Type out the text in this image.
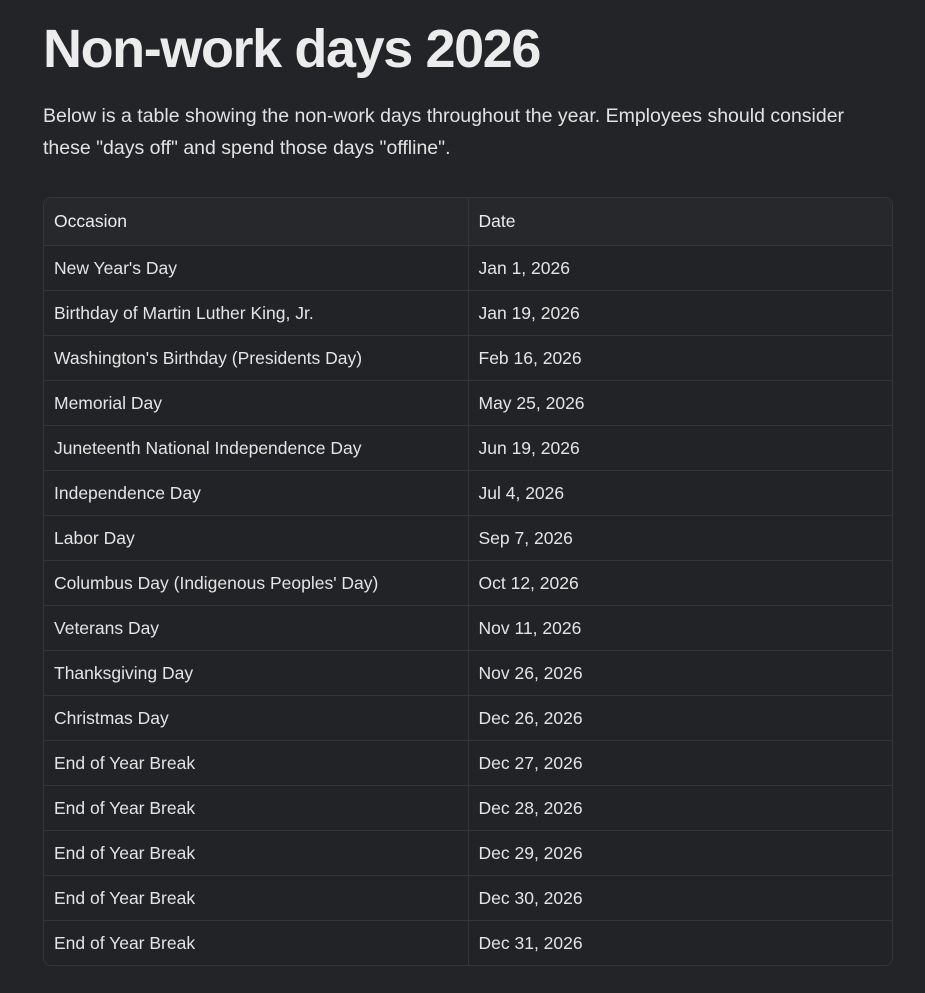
Non-work days 2026

Below is a table showing the non-work days throughout the year. Employees should consider these "days off" and spend those days "offline".

Occasion	Date
New Year's Day	Jan 1, 2026
Birthday of Martin Luther King, Jr.	Jan 19, 2026
Washington's Birthday (Presidents Day)	Feb 16, 2026
Memorial Day	May 25, 2026
Juneteenth National Independence Day	Jun 19, 2026
Independence Day	Jul 4, 2026
Labor Day	Sep 7, 2026
Columbus Day (Indigenous Peoples' Day)	Oct 12, 2026
Veterans Day	Nov 11, 2026
Thanksgiving Day	Nov 26, 2026
Christmas Day	Dec 26, 2026
End of Year Break	Dec 27, 2026
End of Year Break	Dec 28, 2026
End of Year Break	Dec 29, 2026
End of Year Break	Dec 30, 2026
End of Year Break	Dec 31, 2026
